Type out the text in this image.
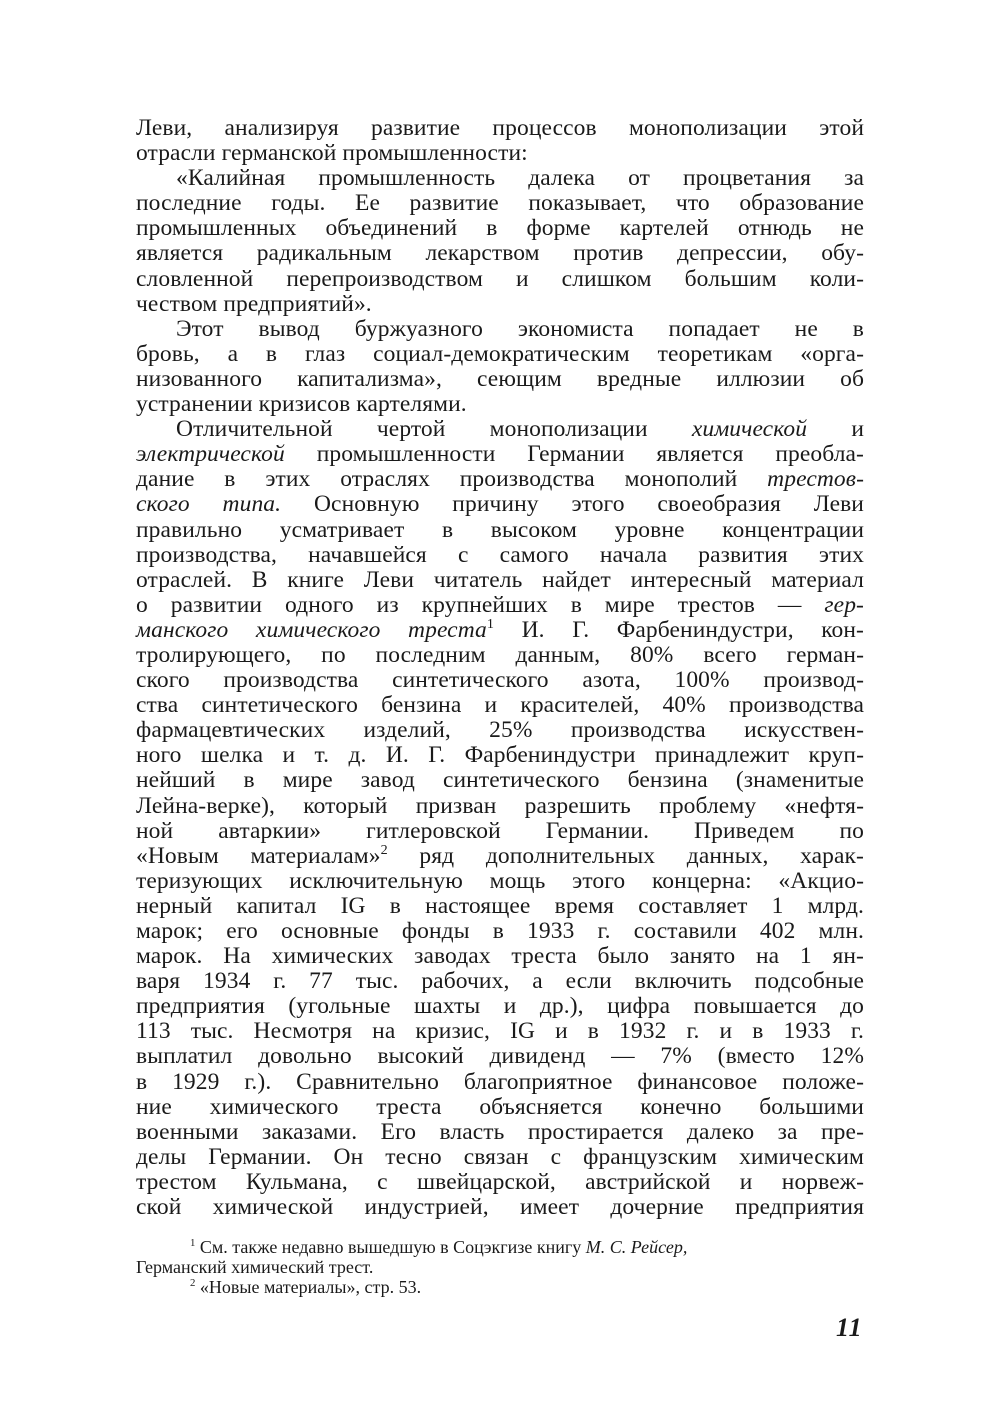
Леви, анализируя развитие процессов монополизации этой
отрасли германской промышленности:
«Калийная промышленность далека от процветания за
последние годы. Ее развитие показывает, что образование
промышленных объединений в форме картелей отнюдь не
является радикальным лекарством против депрессии, обу-
словленной перепроизводством и слишком большим коли-
чеством предприятий».
Этот вывод буржуазного экономиста попадает не в
бровь, а в глаз социал-демократическим теоретикам «орга-
низованного капитализма», сеющим вредные иллюзии об
устранении кризисов картелями.
Отличительной чертой монополизации химической и
электрической промышленности Германии является преобла-
дание в этих отраслях производства монополий трестов-
ского типа. Основную причину этого своеобразия Леви
правильно усматривает в высоком уровне концентрации
производства, начавшейся с самого начала развития этих
отраслей. В книге Леви читатель найдет интересный материал
о развитии одного из крупнейших в мире трестов — гер-
манского химического треста$^1$ И. Г. Фарбениндустри, кон-
тролирующего, по последним данным, 80% всего герман-
ского производства синтетического азота, 100% производ-
ства синтетического бензина и красителей, 40% производства
фармацевтических изделий, 25% производства искусствен-
ного шелка и т. д. И. Г. Фарбениндустри принадлежит круп-
нейший в мире завод синтетического бензина (знаменитые
Лейна-верке), который призван разрешить проблему «нефтя-
ной автаркии» гитлеровской Германии. Приведем по
«Новым материалам»$^2$ ряд дополнительных данных, харак-
теризующих исключительную мощь этого концерна: «Акцио-
нерный капитал IG в настоящее время составляет 1 млрд.
марок; его основные фонды в 1933 г. составили 402 млн.
марок. На химических заводах треста было занято на 1 ян-
варя 1934 г. 77 тыс. рабочих, а если включить подсобные
предприятия (угольные шахты и др.), цифра повышается до
113 тыс. Несмотря на кризис, IG и в 1932 г. и в 1933 г.
выплатил довольно высокий дивиденд — 7% (вместо 12%
в 1929 г.). Сравнительно благоприятное финансовое положе-
ние химического треста объясняется конечно большими
военными заказами. Его власть простирается далеко за пре-
делы Германии. Он тесно связан с французским химическим
трестом Кульмана, с швейцарской, австрийской и норвеж-
ской химической индустрией, имеет дочерние предприятия
$^1$ См. также недавно вышедшую в Соцэкгизе книгу М. С. Рейсер,
Германский химический трест.
$^2$ «Новые материалы», стр. 53.
11
